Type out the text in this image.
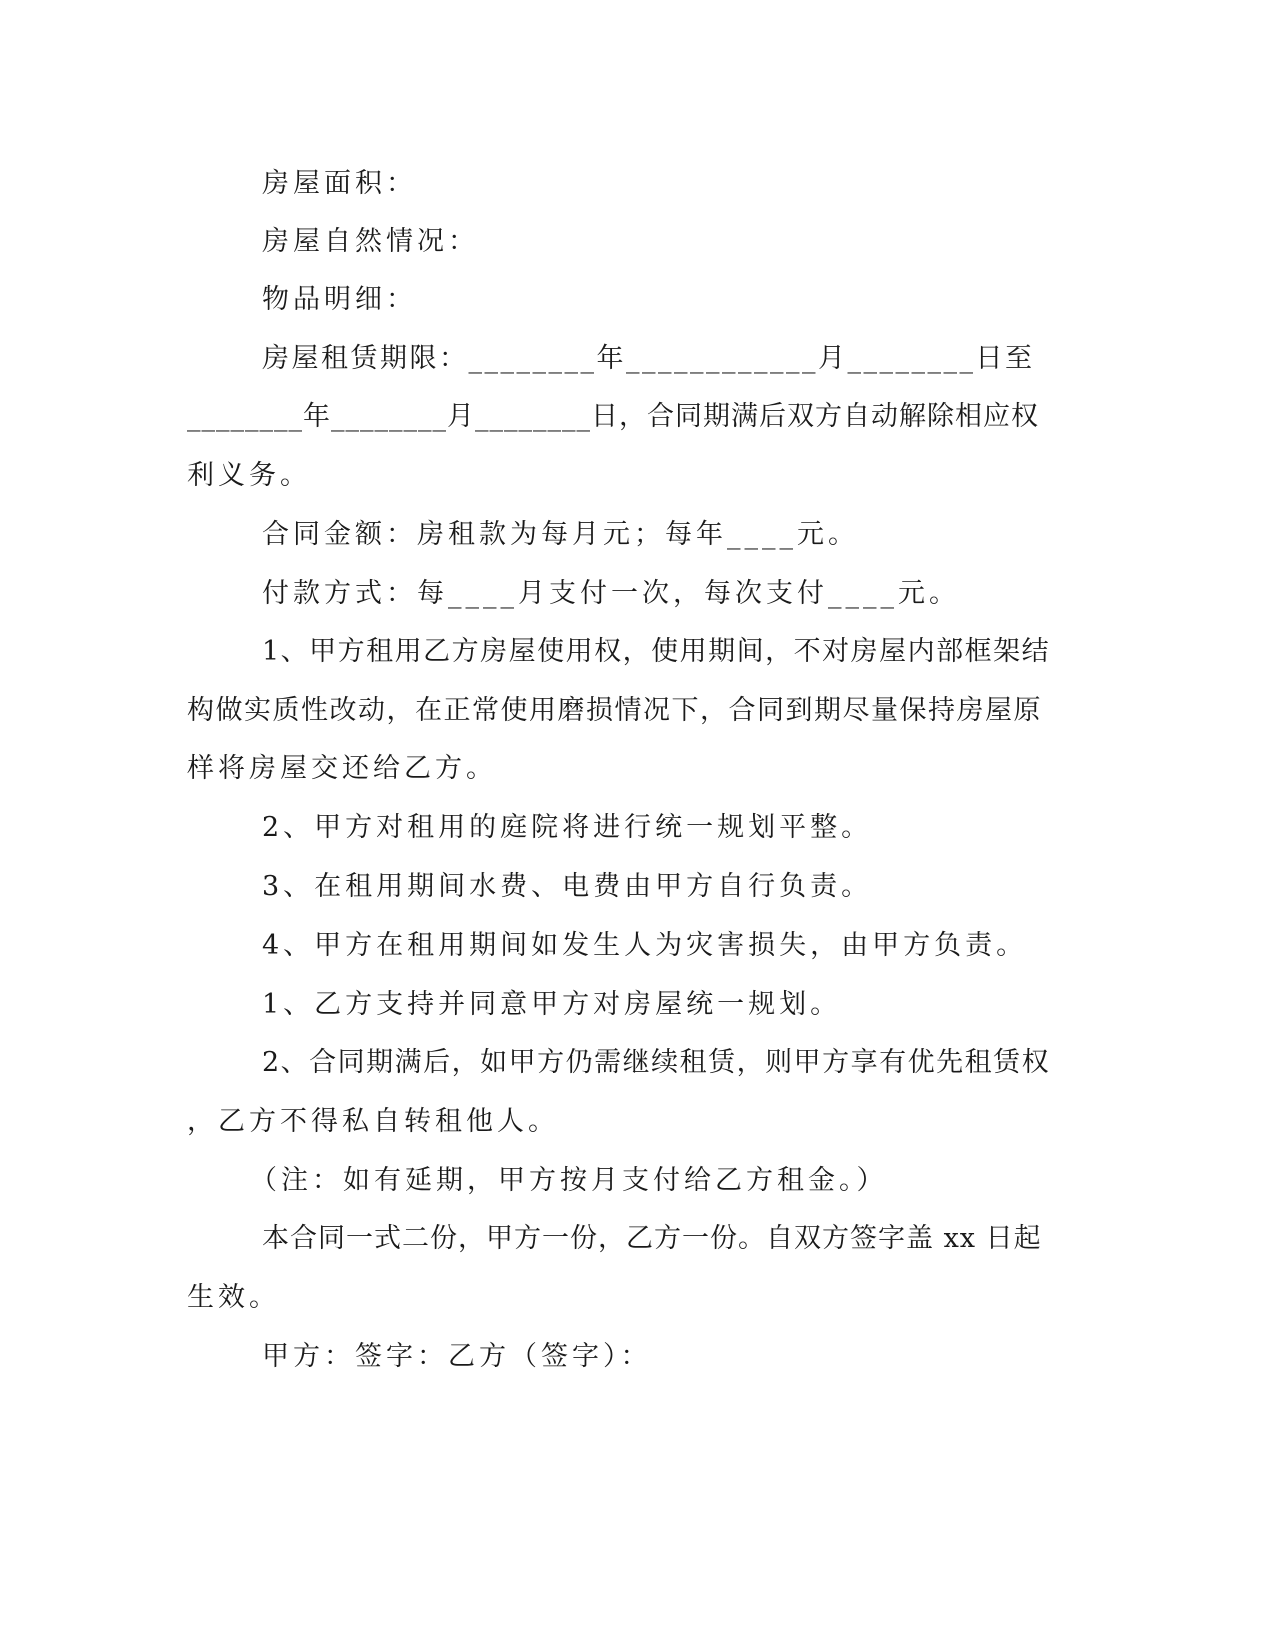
房屋面积：
房屋自然情况：
物品明细：
房屋租赁期限：________年____________月________日至
________年________月________日，合同期满后双方自动解除相应权
利义务。
合同金额：房租款为每月元；每年____元。
付款方式：每____月支付一次，每次支付____元。
1、甲方租用乙方房屋使用权，使用期间，不对房屋内部框架结
构做实质性改动，在正常使用磨损情况下，合同到期尽量保持房屋原
样将房屋交还给乙方。
2、甲方对租用的庭院将进行统一规划平整。
3、在租用期间水费、电费由甲方自行负责。
4、甲方在租用期间如发生人为灾害损失，由甲方负责。
1、乙方支持并同意甲方对房屋统一规划。
2、合同期满后，如甲方仍需继续租赁，则甲方享有优先租赁权
，乙方不得私自转租他人。
（注：如有延期，甲方按月支付给乙方租金。）
本合同一式二份，甲方一份，乙方一份。自双方签字盖 xx 日起
生效。
甲方：签字：乙方（签字）：
